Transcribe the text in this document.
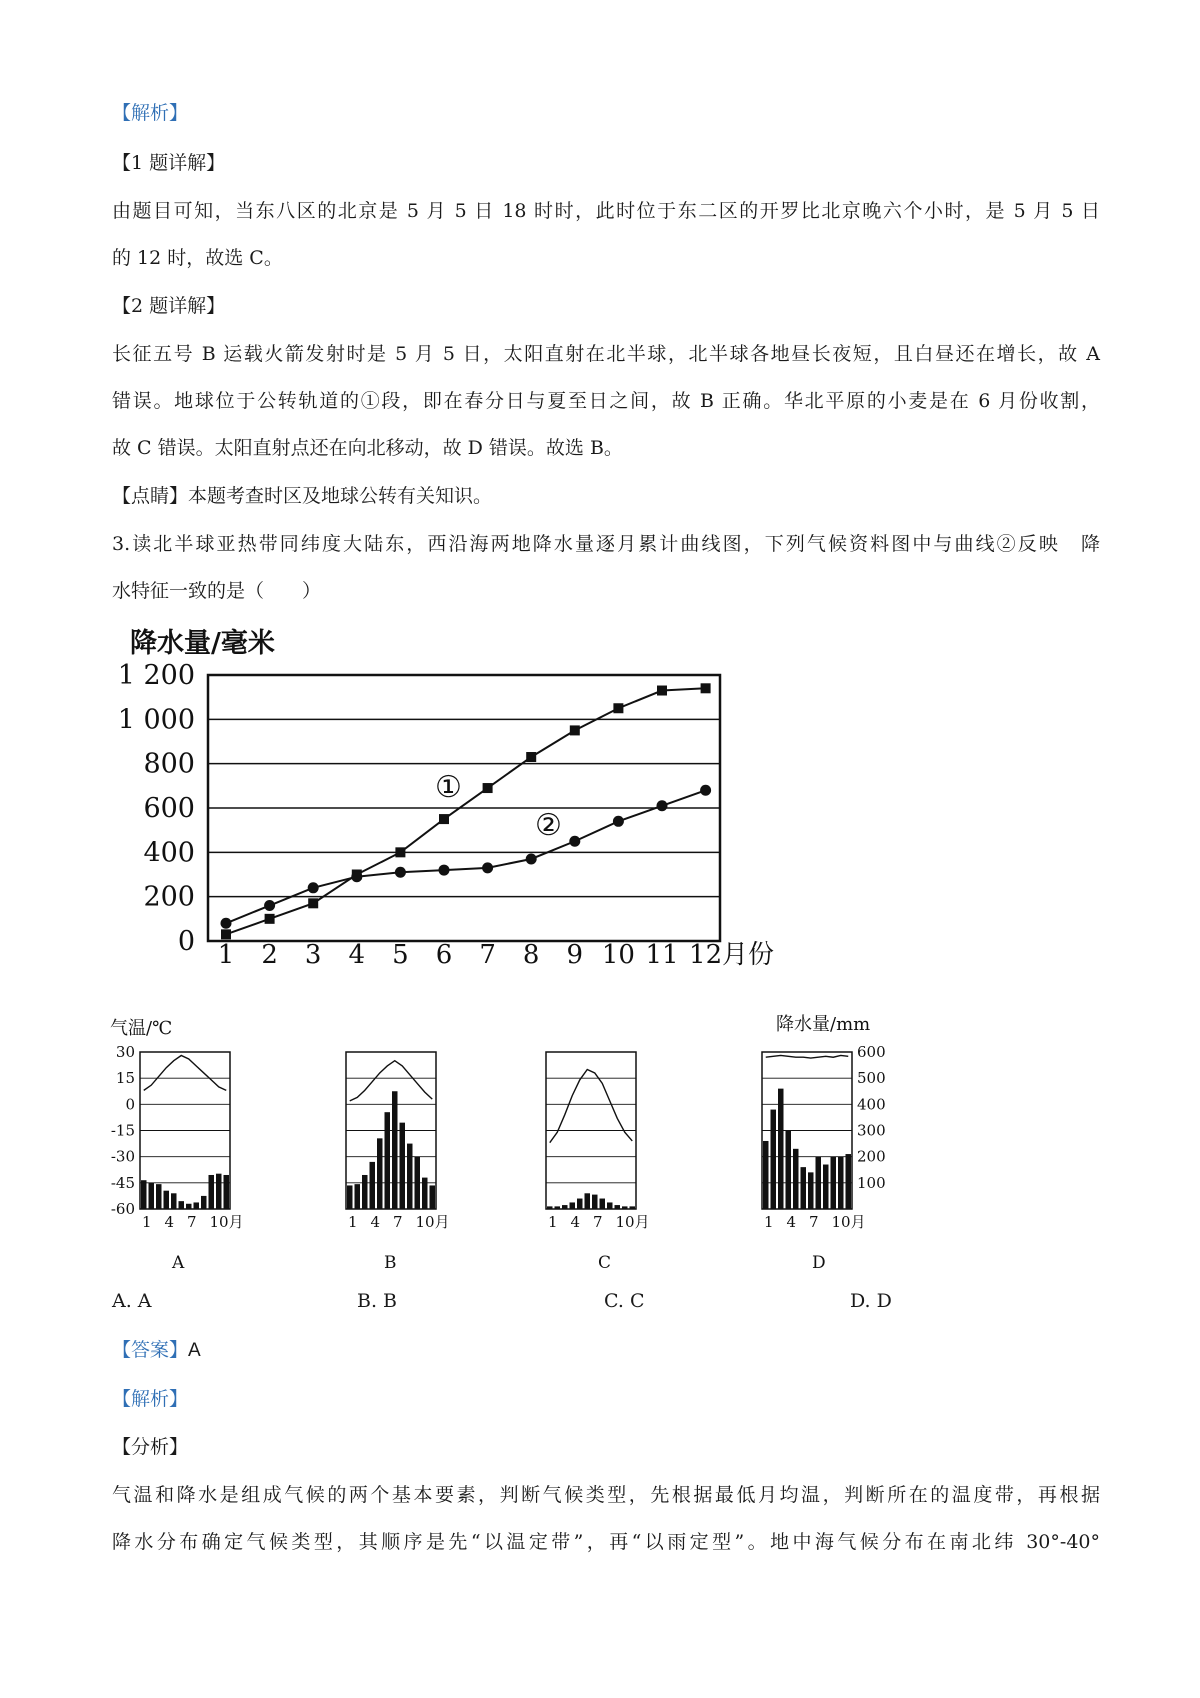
【解析】
【1 题详解】
由题目可知，当东八区的北京是 5 月 5 日 18 时时，此时位于东二区的开罗比北京晚六个小时，是 5 月 5 日
的 12 时，故选 C。
【2 题详解】
长征五号 B 运载火箭发射时是 5 月 5 日，太阳直射在北半球，北半球各地昼长夜短，且白昼还在增长，故 A
错误。地球位于公转轨道的①段，即在春分日与夏至日之间，故 B 正确。华北平原的小麦是在 6 月份收割，
故 C 错误。太阳直射点还在向北移动，故 D 错误。故选 B。
【点睛】本题考查时区及地球公转有关知识。
3.读北半球亚热带同纬度大陆东，西沿海两地降水量逐月累计曲线图，下列气候资料图中与曲线②反映　降
水特征一致的是（　　）
降水量/毫米
0
200
400
600
800
1 000
1 200
1 2 3 4 5 6 7 8 9 10 11 12 月份
①
②
气温/℃	降水量/mm
1 4 7 10月
30
15
0
-15
-30
-45
-60
1 4 7 10月	1 4 7 10月	1 4 7 10月
600
500
400
300
200
100
A	B	C	D
A. A	B. B	C. C	D. D
【答案】A
【解析】
【分析】
气温和降水是组成气候的两个基本要素，判断气候类型，先根据最低月均温，判断所在的温度带，再根据
降水分布确定气候类型，其顺序是先“以温定带”，再“以雨定型”。地中海气候分布在南北纬 30°-40°
